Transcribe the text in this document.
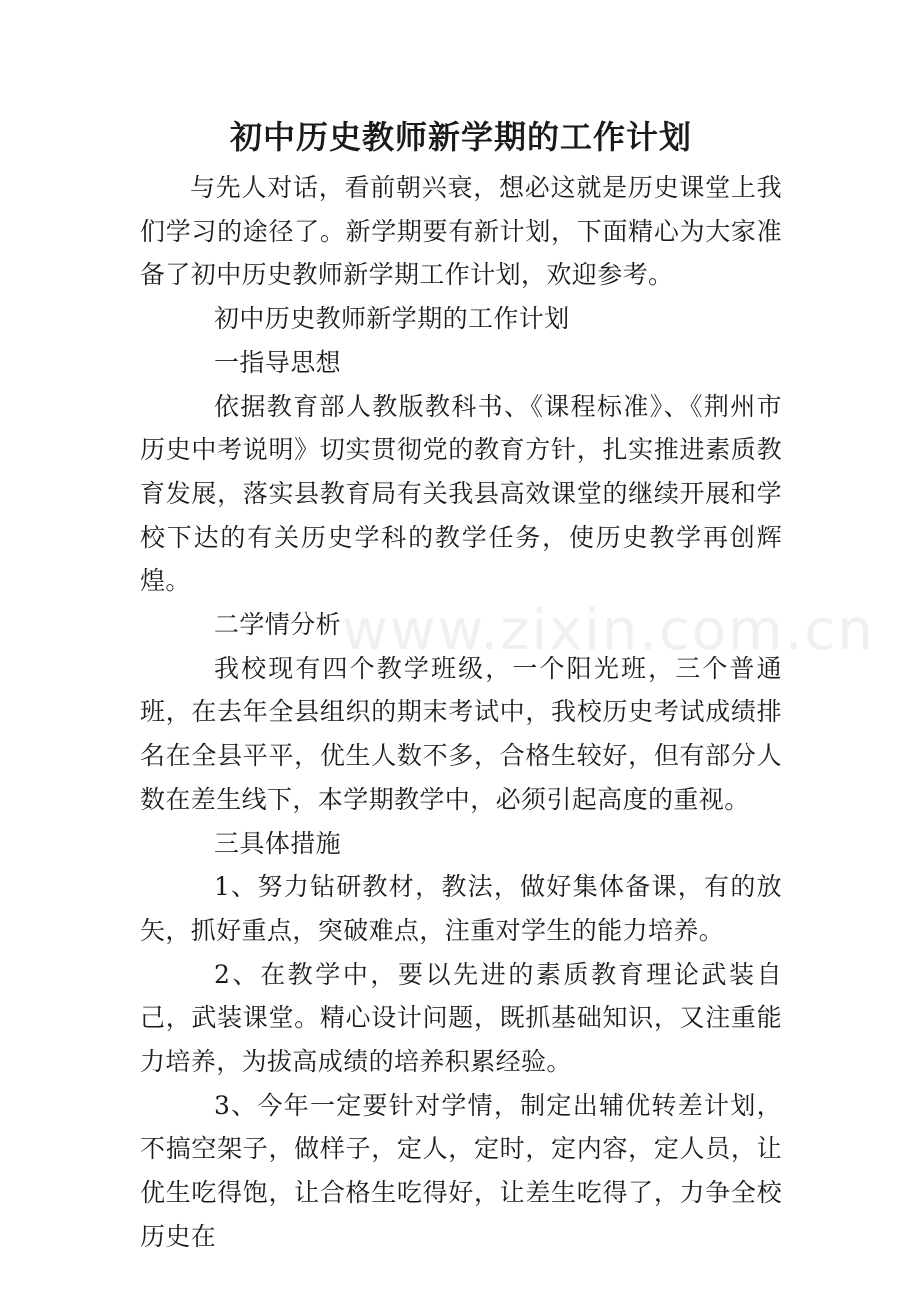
www.zixin.com.cn
初中历史教师新学期的工作计划

与先人对话，看前朝兴衰，想必这就是历史课堂上我们学习的途径了。新学期要有新计划，下面精心为大家准备了初中历史教师新学期工作计划，欢迎参考。

初中历史教师新学期的工作计划

一指导思想

依据教育部人教版教科书、《课程标准》、《荆州市历史中考说明》切实贯彻党的教育方针，扎实推进素质教育发展，落实县教育局有关我县高效课堂的继续开展和学校下达的有关历史学科的教学任务，使历史教学再创辉煌。

二学情分析

我校现有四个教学班级，一个阳光班，三个普通班，在去年全县组织的期末考试中，我校历史考试成绩排名在全县平平，优生人数不多，合格生较好，但有部分人数在差生线下，本学期教学中，必须引起高度的重视。

三具体措施

1、努力钻研教材，教法，做好集体备课，有的放矢，抓好重点，突破难点，注重对学生的能力培养。

2、在教学中，要以先进的素质教育理论武装自己，武装课堂。精心设计问题，既抓基础知识，又注重能力培养，为拔高成绩的培养积累经验。

3、今年一定要针对学情，制定出辅优转差计划，不搞空架子，做样子，定人，定时，定内容，定人员，让优生吃得饱，让合格生吃得好，让差生吃得了，力争全校历史在
